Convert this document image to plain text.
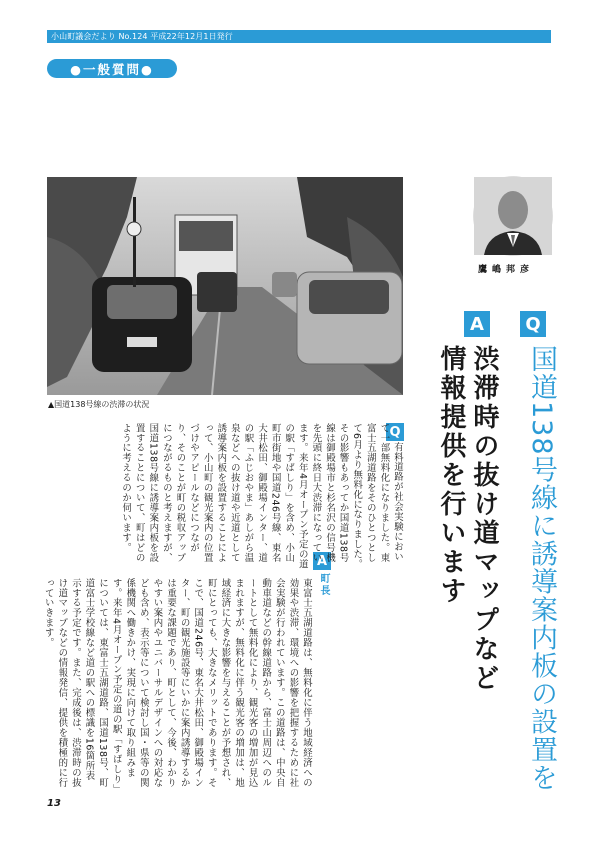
小山町議会だより No.124 平成22年12月1日発行
●一般質問●
▲国道138号線の渋滞の状況
鷹嶋邦彦
Q
A
国道138号線に誘導案内板の設置を
渋滞時の抜け道マップなど
情報提供を行います
Q
A
町長
有料道路が社会実験において一部無料化になりました。東富士五湖道路をそのひとつとして6月より無料化になりました。その影響もあってか国道138号線は御殿場市と杉名沢の信号機を先頭に終日大渋滞になっています。来年4月オープン予定の道の駅「すばしり」を含め、小山町市街地や国道246号線、東名大井松田、御殿場インター、道の駅「ふじおやま」あしがら温泉などへの抜け道や近道として誘導案内板を設置することによって、小山町の観光案内の位置づけやアピールなどにつながり、そのことが町の税収アップにつながるものと考えますが、国道138号線に誘導案内板を設置することについて、町はどのように考えるのか伺います。
東富士五湖道路は、無料化に伴う地域経済への効果や渋滞、環境への影響を把握するために社会実験が行われています。この道路は、中央自動車道などの幹線道路から、富士山周辺へのルートとして無料化により、観光客の増加が見込まれますが、無料化に伴う観光客の増加は、地域経済に大きな影響を与えることが予想され、町にとっても、大きなメリットであります。そこで、国道246号、東名大井松田、御殿場インター、町の観光施設等にいかに案内誘導するかは重要な課題であり、町として、今後、わかりやすい案内やユニバーサルデザインへの対応なども含め、表示等について検討し国・県等の関係機関へ働きかけ、実現に向けて取り組みます。来年4月オープン予定の道の駅「すばしり」については、東富士五湖道路、国道138号、町道富士学校線など道の駅への標識を16箇所表示する予定です。また、完成後は、渋滞時の抜け道マップなどの情報発信、提供を積極的に行っていきます。
13
